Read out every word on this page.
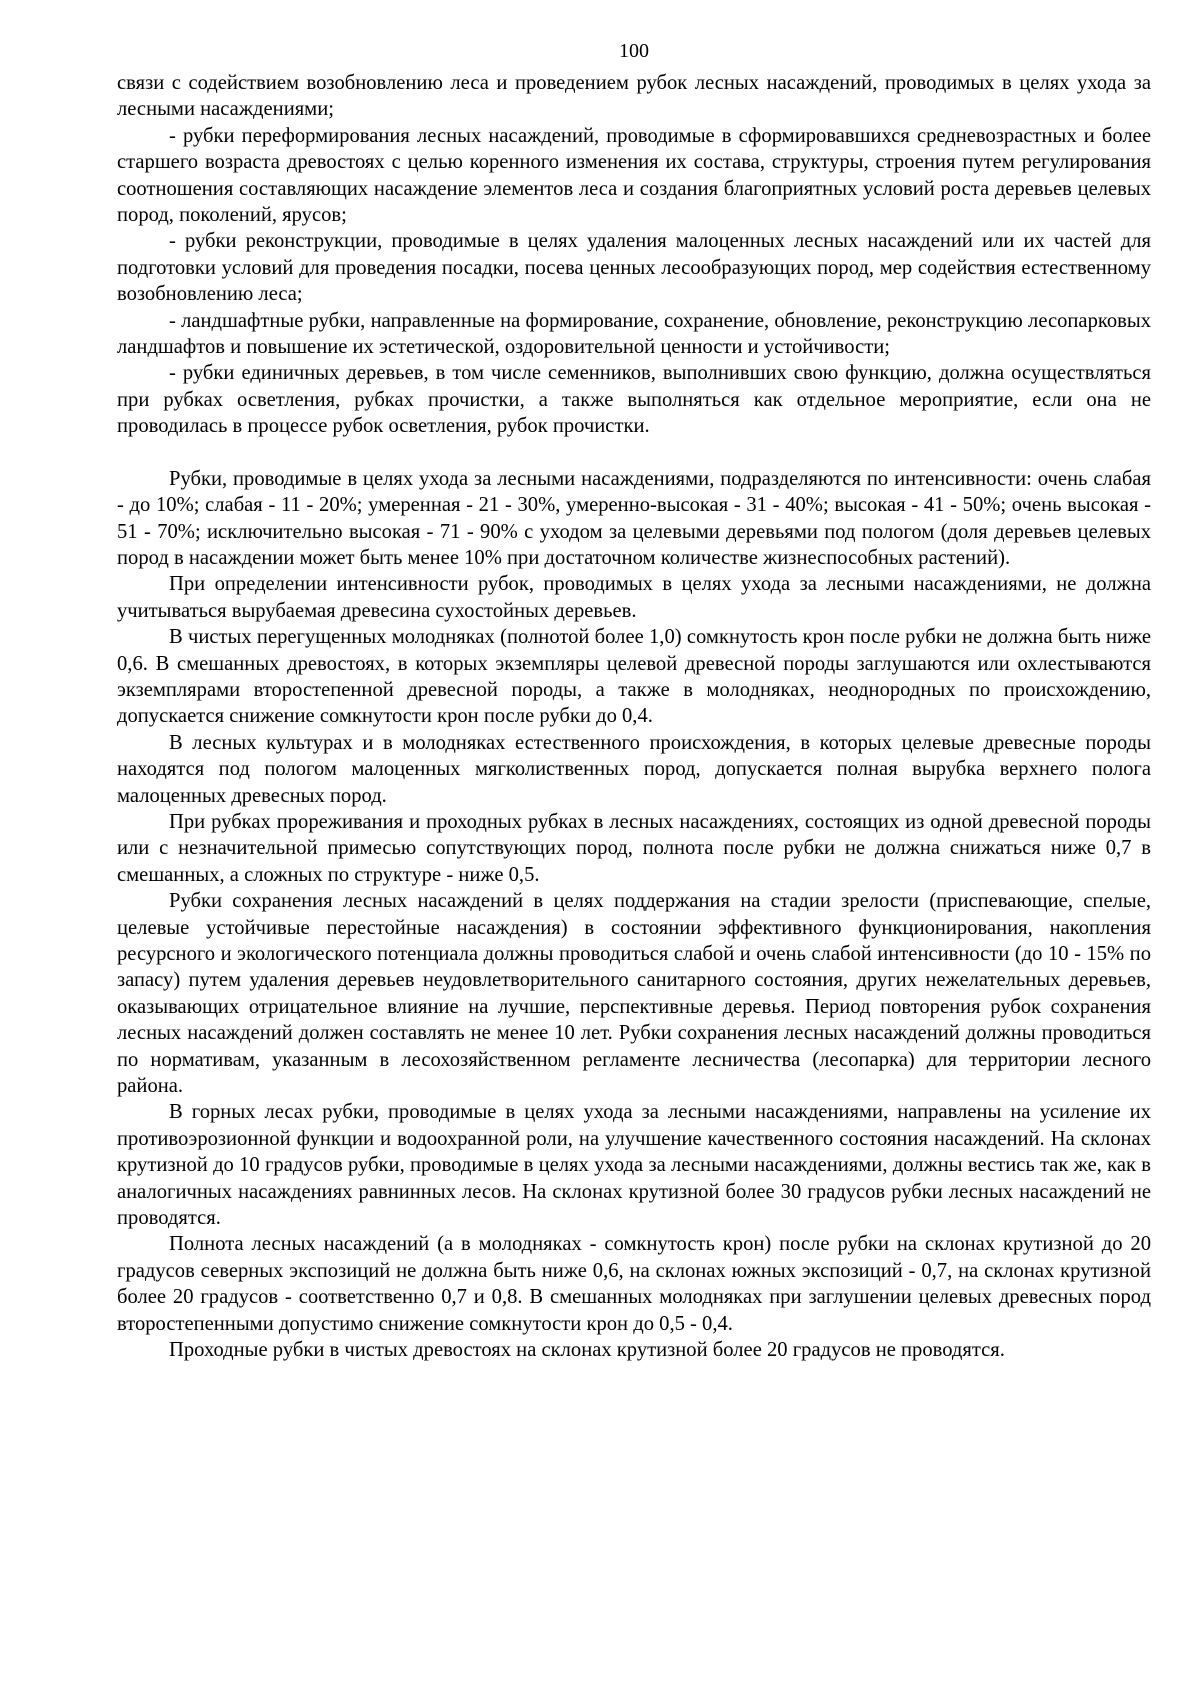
100

связи с содействием возобновлению леса и проведением рубок лесных насаждений, проводимых в целях ухода за лесными насаждениями;

- рубки переформирования лесных насаждений, проводимые в сформировавшихся средневозрастных и более старшего возраста древостоях с целью коренного изменения их состава, структуры, строения путем регулирования соотношения составляющих насаждение элементов леса и создания благоприятных условий роста деревьев целевых пород, поколений, ярусов;

- рубки реконструкции, проводимые в целях удаления малоценных лесных насаждений или их частей для подготовки условий для проведения посадки, посева ценных лесообразующих пород, мер содействия естественному возобновлению леса;

- ландшафтные рубки, направленные на формирование, сохранение, обновление, реконструкцию лесопарковых ландшафтов и повышение их эстетической, оздоровительной ценности и устойчивости;

- рубки единичных деревьев, в том числе семенников, выполнивших свою функцию, должна осуществляться при рубках осветления, рубках прочистки, а также выполняться как отдельное мероприятие, если она не проводилась в процессе рубок осветления, рубок прочистки.

Рубки, проводимые в целях ухода за лесными насаждениями, подразделяются по интенсивности: очень слабая - до 10%; слабая - 11 - 20%; умеренная - 21 - 30%, умеренно-высокая - 31 - 40%; высокая - 41 - 50%; очень высокая - 51 - 70%; исключительно высокая - 71 - 90% с уходом за целевыми деревьями под пологом (доля деревьев целевых пород в насаждении может быть менее 10% при достаточном количестве жизнеспособных растений).

При определении интенсивности рубок, проводимых в целях ухода за лесными насаждениями, не должна учитываться вырубаемая древесина сухостойных деревьев.

В чистых перегущенных молодняках (полнотой более 1,0) сомкнутость крон после рубки не должна быть ниже 0,6. В смешанных древостоях, в которых экземпляры целевой древесной породы заглушаются или охлестываются экземплярами второстепенной древесной породы, а также в молодняках, неоднородных по происхождению, допускается снижение сомкнутости крон после рубки до 0,4.

В лесных культурах и в молодняках естественного происхождения, в которых целевые древесные породы находятся под пологом малоценных мягколиственных пород, допускается полная вырубка верхнего полога малоценных древесных пород.

При рубках прореживания и проходных рубках в лесных насаждениях, состоящих из одной древесной породы или с незначительной примесью сопутствующих пород, полнота после рубки не должна снижаться ниже 0,7 в смешанных, а сложных по структуре - ниже 0,5.

Рубки сохранения лесных насаждений в целях поддержания на стадии зрелости (приспевающие, спелые, целевые устойчивые перестойные насаждения) в состоянии эффективного функционирования, накопления ресурсного и экологического потенциала должны проводиться слабой и очень слабой интенсивности (до 10 - 15% по запасу) путем удаления деревьев неудовлетворительного санитарного состояния, других нежелательных деревьев, оказывающих отрицательное влияние на лучшие, перспективные деревья. Период повторения рубок сохранения лесных насаждений должен составлять не менее 10 лет. Рубки сохранения лесных насаждений должны проводиться по нормативам, указанным в лесохозяйственном регламенте лесничества (лесопарка) для территории лесного района.

В горных лесах рубки, проводимые в целях ухода за лесными насаждениями, направлены на усиление их противоэрозионной функции и водоохранной роли, на улучшение качественного состояния насаждений. На склонах крутизной до 10 градусов рубки, проводимые в целях ухода за лесными насаждениями, должны вестись так же, как в аналогичных насаждениях равнинных лесов. На склонах крутизной более 30 градусов рубки лесных насаждений не проводятся.

Полнота лесных насаждений (а в молодняках - сомкнутость крон) после рубки на склонах крутизной до 20 градусов северных экспозиций не должна быть ниже 0,6, на склонах южных экспозиций - 0,7, на склонах крутизной более 20 градусов - соответственно 0,7 и 0,8. В смешанных молодняках при заглушении целевых древесных пород второстепенными допустимо снижение сомкнутости крон до 0,5 - 0,4.

Проходные рубки в чистых древостоях на склонах крутизной более 20 градусов не проводятся.
